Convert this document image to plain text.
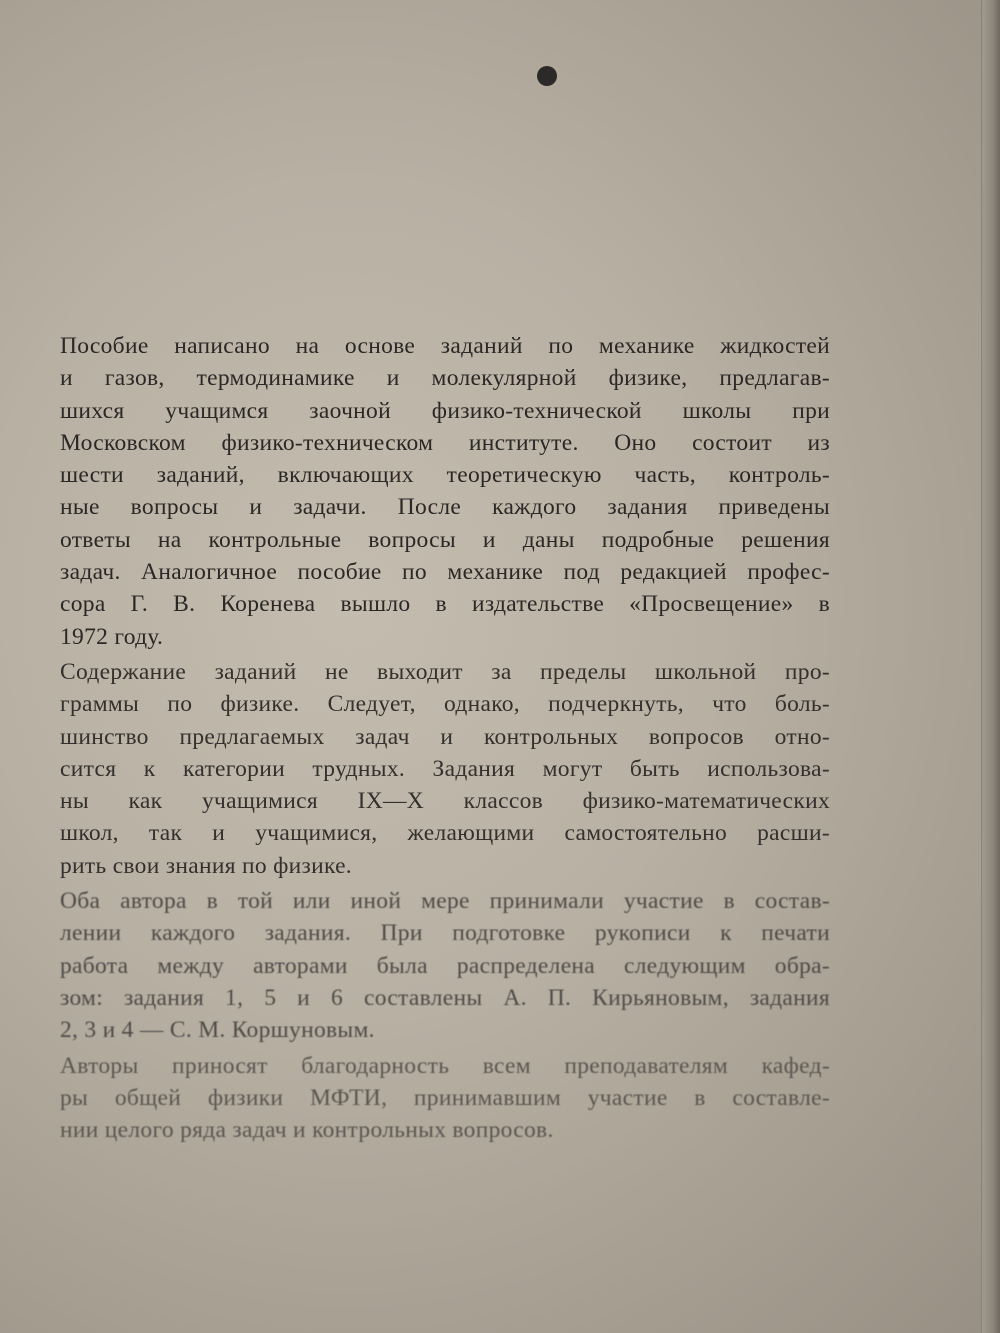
Пособие написано на основе заданий по механике жидкостей

и газов, термодинамике и молекулярной физике, предлагав-

шихся учащимся заочной физико-технической школы при

Московском физико-техническом институте. Оно состоит из

шести заданий, включающих теоретическую часть, контроль-

ные вопросы и задачи. После каждого задания приведены

ответы на контрольные вопросы и даны подробные решения

задач. Аналогичное пособие по механике под редакцией профес-

сора Г. В. Коренева вышло в издательстве «Просвещение» в

1972 году.

Содержание заданий не выходит за пределы школьной про-

граммы по физике. Следует, однако, подчеркнуть, что боль-

шинство предлагаемых задач и контрольных вопросов отно-

сится к категории трудных. Задания могут быть использова-

ны как учащимися IX—X классов физико-математических

школ, так и учащимися, желающими самостоятельно расши-

рить свои знания по физике.

Оба автора в той или иной мере принимали участие в состав-

лении каждого задания. При подготовке рукописи к печати

работа между авторами была распределена следующим обра-

зом: задания 1, 5 и 6 составлены А. П. Кирьяновым, задания

2, 3 и 4 — С. М. Коршуновым.

Авторы приносят благодарность всем преподавателям кафед-

ры общей физики МФТИ, принимавшим участие в составле-

нии целого ряда задач и контрольных вопросов.
